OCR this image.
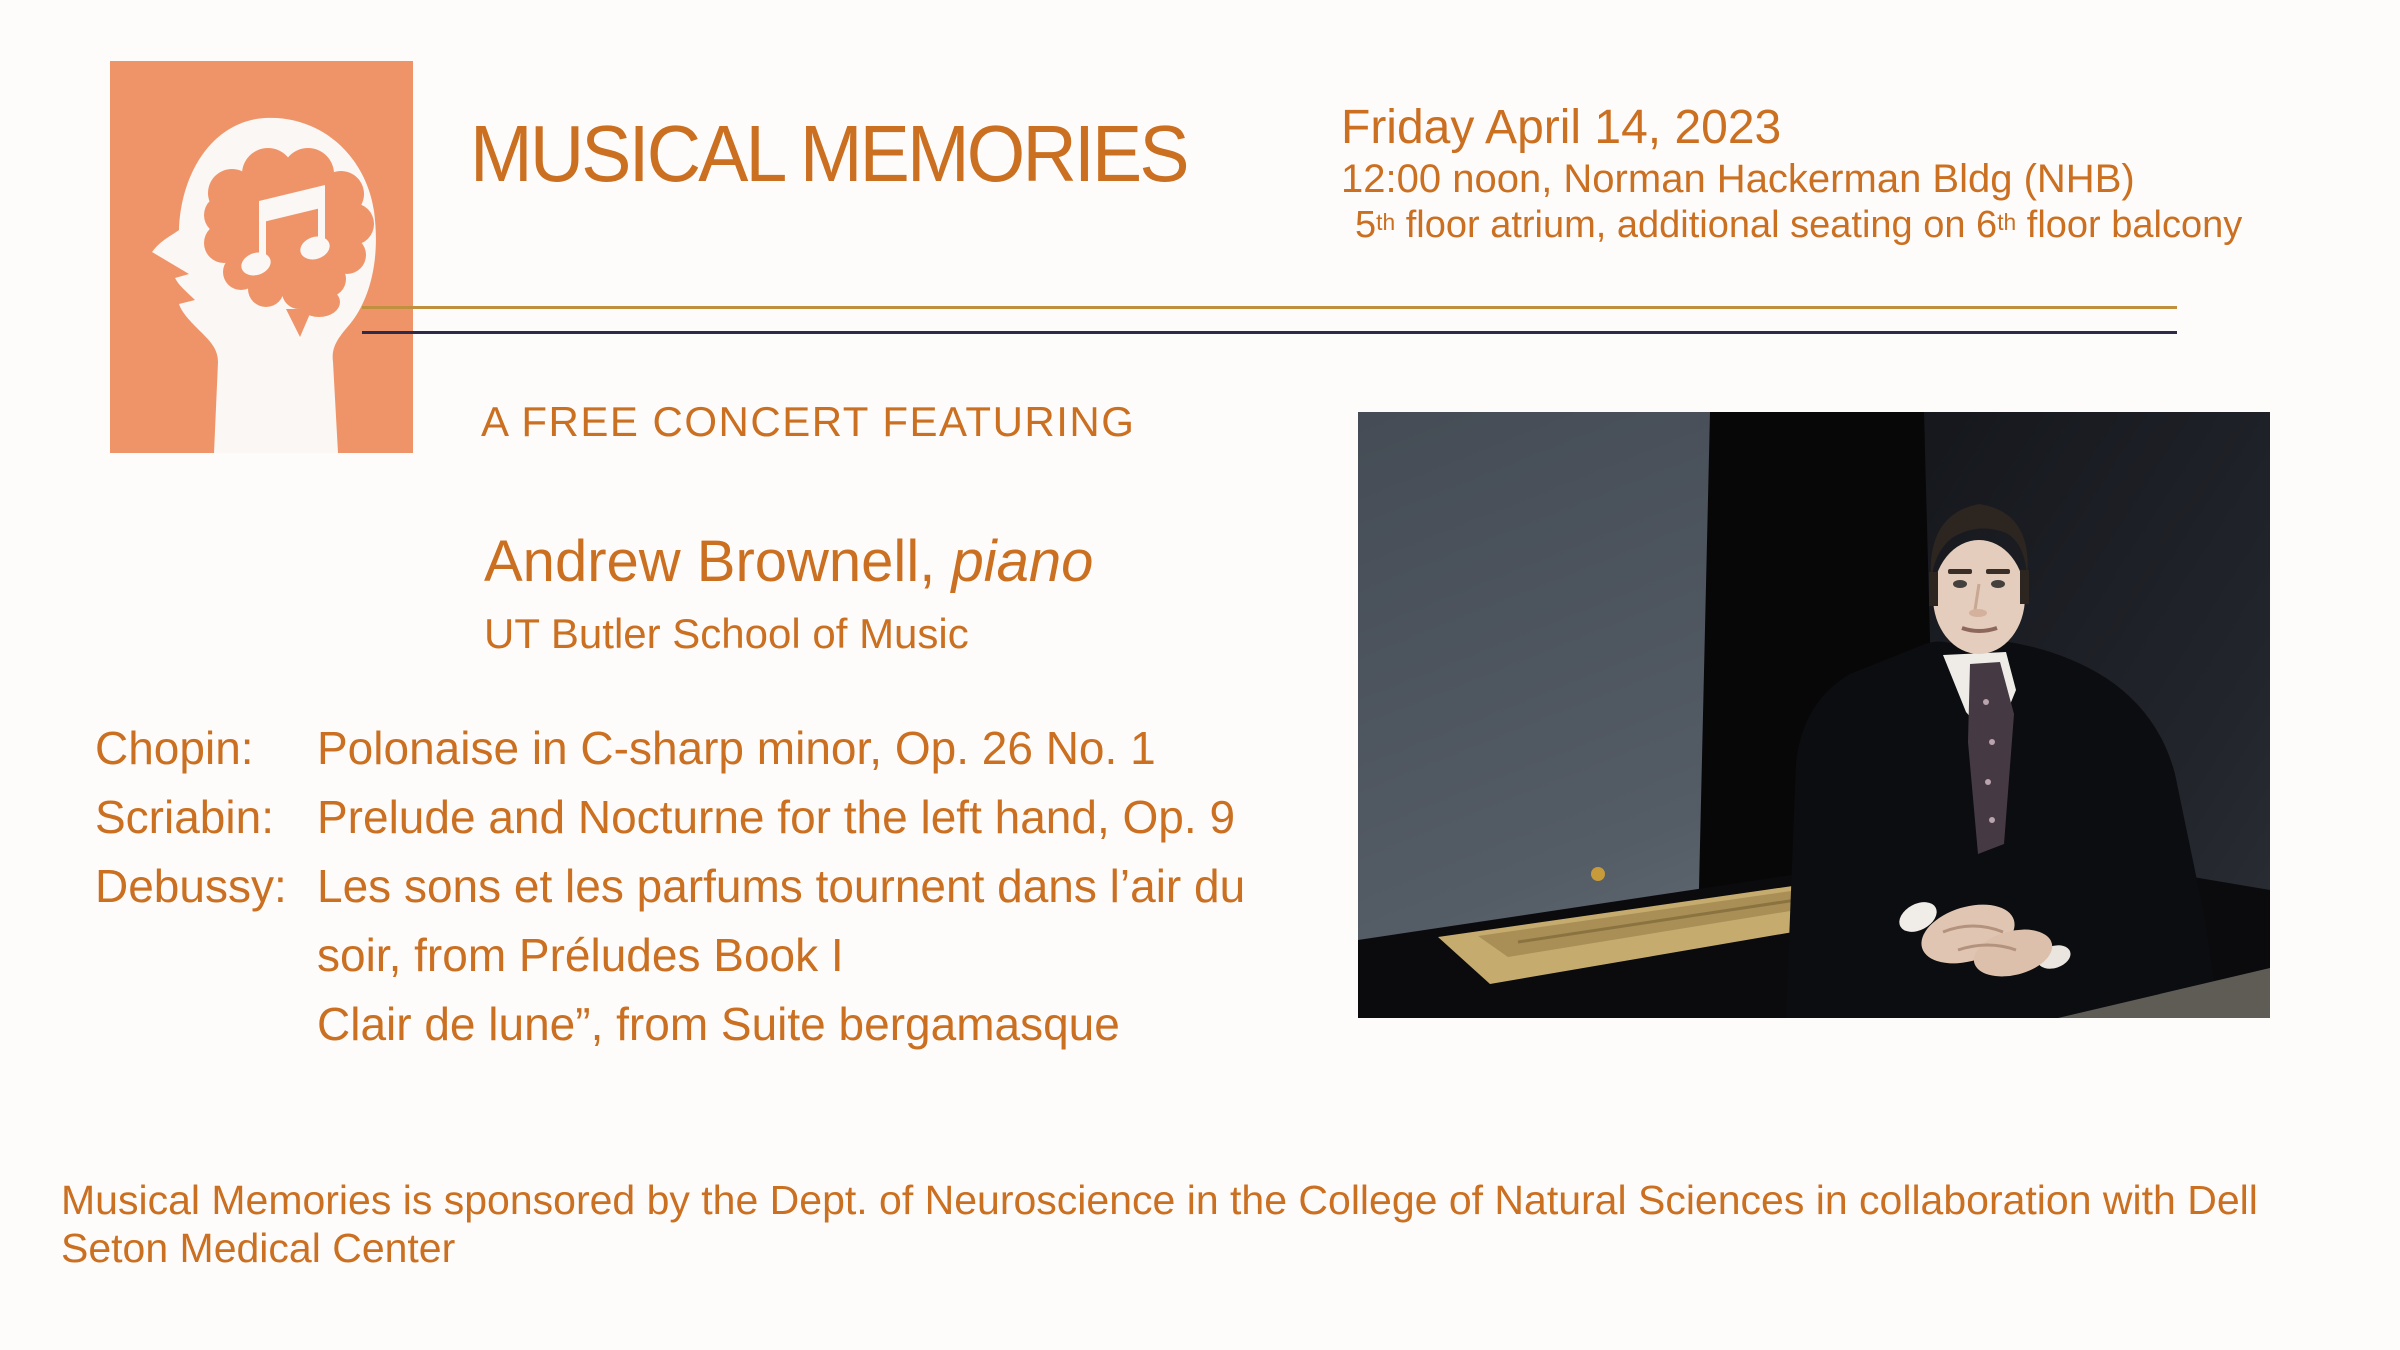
MUSICAL MEMORIES	Friday April 14, 2023
12:00 noon, Norman Hackerman Bldg (NHB)
5th floor atrium, additional seating on 6th floor balcony
A FREE CONCERT FEATURING
Andrew Brownell, piano
UT Butler School of Music
Chopin:	Polonaise in C-sharp minor, Op. 26 No. 1
Scriabin: Prelude and Nocturne for the left hand, Op. 9
Debussy: Les sons et les parfums tournent dans l’air du
soir, from Préludes Book I
Clair de lune”, from Suite bergamasque
Musical Memories is sponsored by the Dept. of Neuroscience in the College of Natural Sciences in collaboration with Dell
Seton Medical Center
